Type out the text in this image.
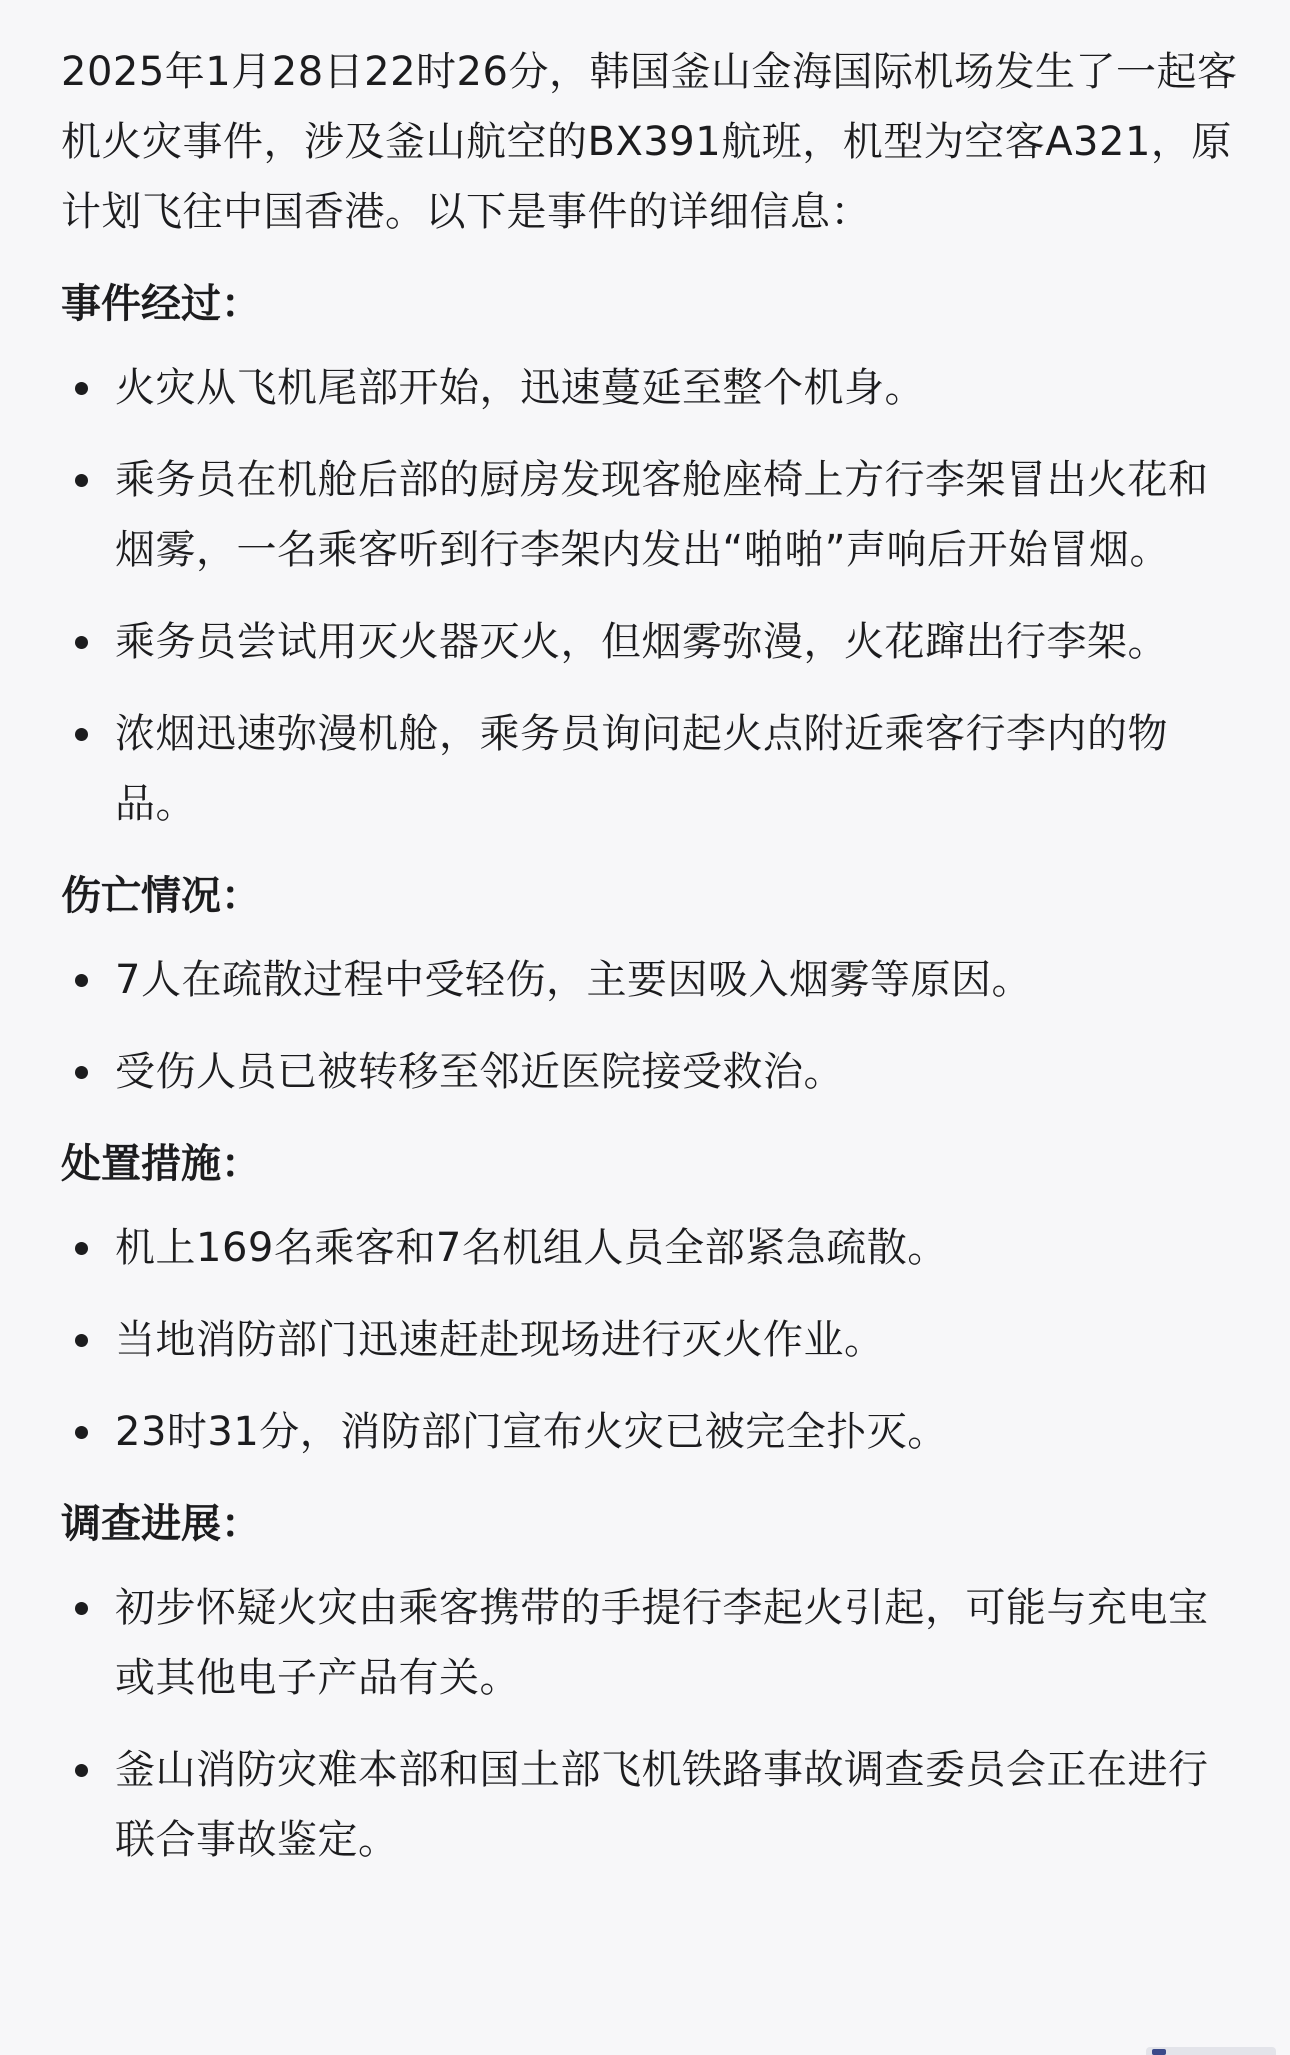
2025年1月28日22时26分，韩国釜山金海国际机场发生了一起客机火灾事件，涉及釜山航空的BX391航班，机型为空客A321，原计划飞往中国香港。以下是事件的详细信息：

事件经过：
火灾从飞机尾部开始，迅速蔓延至整个机身。
乘务员在机舱后部的厨房发现客舱座椅上方行李架冒出火花和烟雾，一名乘客听到行李架内发出“啪啪”声响后开始冒烟。
乘务员尝试用灭火器灭火，但烟雾弥漫，火花蹿出行李架。
浓烟迅速弥漫机舱，乘务员询问起火点附近乘客行李内的物品。
伤亡情况：
7人在疏散过程中受轻伤，主要因吸入烟雾等原因。
受伤人员已被转移至邻近医院接受救治。
处置措施：
机上169名乘客和7名机组人员全部紧急疏散。
当地消防部门迅速赶赴现场进行灭火作业。
23时31分，消防部门宣布火灾已被完全扑灭。
调查进展：
初步怀疑火灾由乘客携带的手提行李起火引起，可能与充电宝或其他电子产品有关。
釜山消防灾难本部和国土部飞机铁路事故调查委员会正在进行联合事故鉴定。
